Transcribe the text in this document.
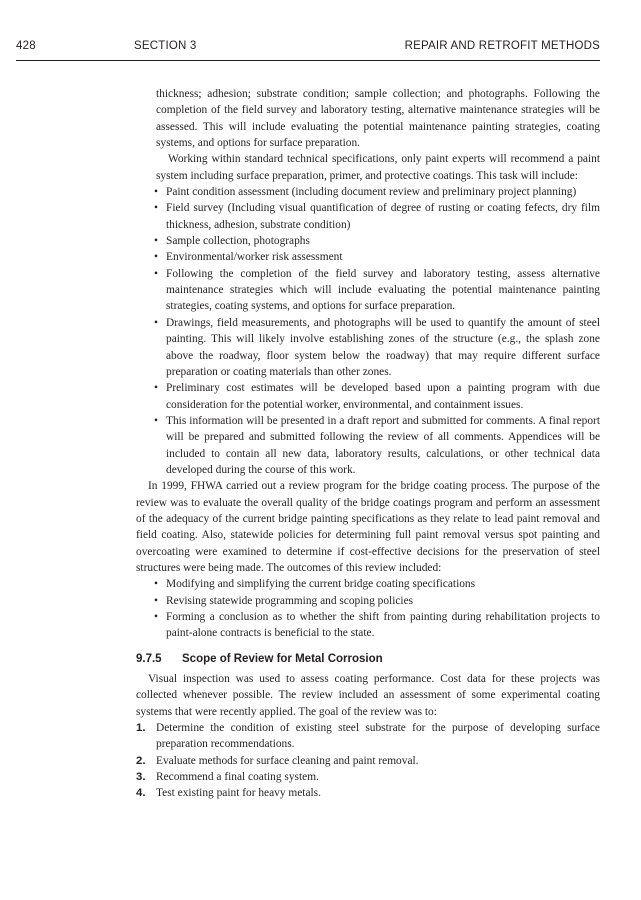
428	SECTION 3	REPAIR AND RETROFIT METHODS

thickness; adhesion; substrate condition; sample collection; and photographs. Following the completion of the field survey and laboratory testing, alternative maintenance strategies will be assessed. This will include evaluating the potential maintenance painting strategies, coating systems, and options for surface preparation.

Working within standard technical specifications, only paint experts will recommend a paint system including surface preparation, primer, and protective coatings. This task will include:

• Paint condition assessment (including document review and preliminary project planning)
• Field survey (Including visual quantification of degree of rusting or coating fefects, dry film thickness, adhesion, substrate condition)
• Sample collection, photographs
• Environmental/worker risk assessment
• Following the completion of the field survey and laboratory testing, assess alternative maintenance strategies which will include evaluating the potential maintenance painting strategies, coating systems, and options for surface preparation.
• Drawings, field measurements, and photographs will be used to quantify the amount of steel painting. This will likely involve establishing zones of the structure (e.g., the splash zone above the roadway, floor system below the roadway) that may require different surface preparation or coating materials than other zones.
• Preliminary cost estimates will be developed based upon a painting program with due consideration for the potential worker, environmental, and containment issues.
• This information will be presented in a draft report and submitted for comments. A final report will be prepared and submitted following the review of all comments. Appendices will be included to contain all new data, laboratory results, calculations, or other technical data developed during the course of this work.

In 1999, FHWA carried out a review program for the bridge coating process. The purpose of the review was to evaluate the overall quality of the bridge coatings program and perform an assessment of the adequacy of the current bridge painting specifications as they relate to lead paint removal and field coating. Also, statewide policies for determining full paint removal versus spot painting and overcoating were examined to determine if cost-effective decisions for the preservation of steel structures were being made. The outcomes of this review included:

• Modifying and simplifying the current bridge coating specifications
• Revising statewide programming and scoping policies
• Forming a conclusion as to whether the shift from painting during rehabilitation projects to paint-alone contracts is beneficial to the state.
9.7.5 Scope of Review for Metal Corrosion

Visual inspection was used to assess coating performance. Cost data for these projects was collected whenever possible. The review included an assessment of some experimental coating systems that were recently applied. The goal of the review was to:

1. Determine the condition of existing steel substrate for the purpose of developing surface preparation recommendations.
2. Evaluate methods for surface cleaning and paint removal.
3. Recommend a final coating system.
4. Test existing paint for heavy metals.
